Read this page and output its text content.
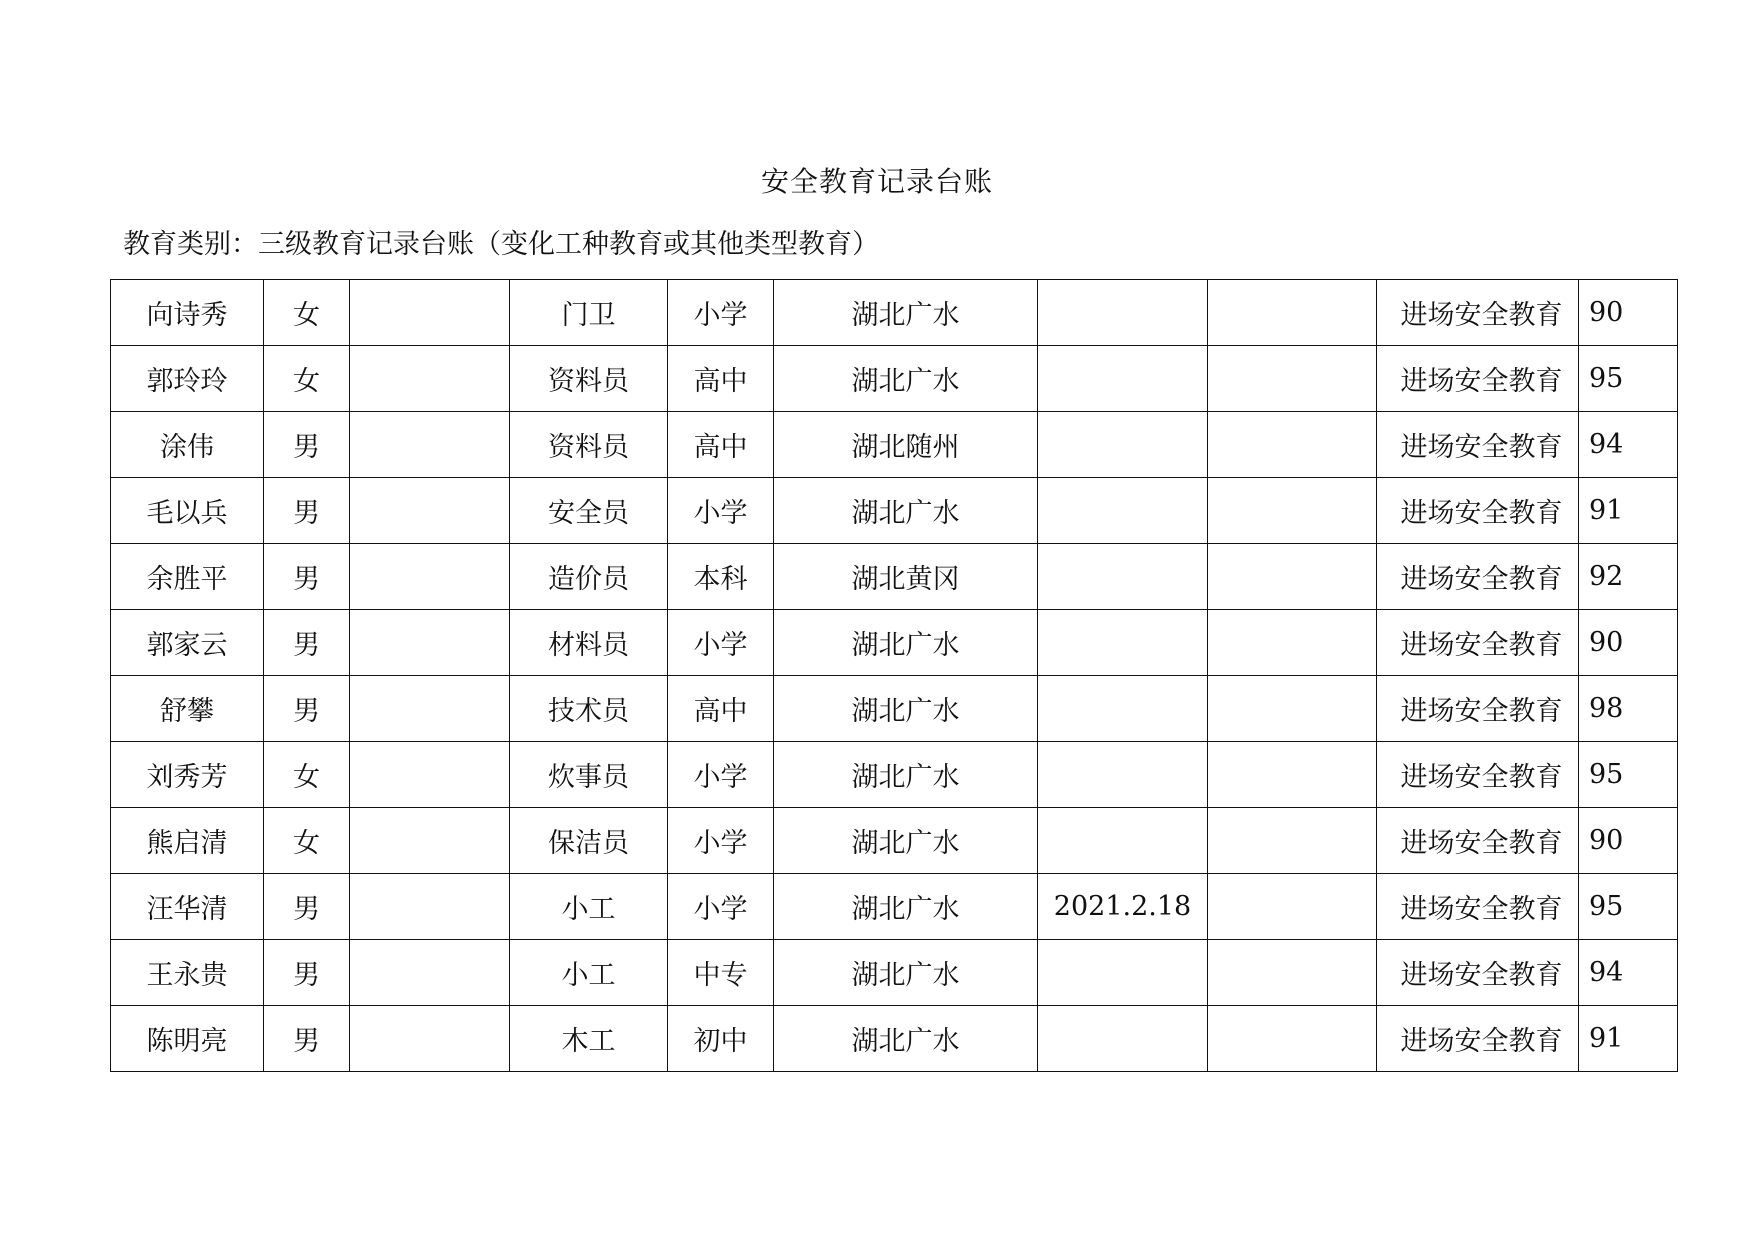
安全教育记录台账
教育类别：三级教育记录台账（变化工种教育或其他类型教育）
向诗秀	女		门卫	小学	湖北广水			进场安全教育	90
郭玲玲	女		资料员	高中	湖北广水			进场安全教育	95
涂伟	男		资料员	高中	湖北随州			进场安全教育	94
毛以兵	男		安全员	小学	湖北广水			进场安全教育	91
余胜平	男		造价员	本科	湖北黄冈			进场安全教育	92
郭家云	男		材料员	小学	湖北广水			进场安全教育	90
舒攀	男		技术员	高中	湖北广水			进场安全教育	98
刘秀芳	女		炊事员	小学	湖北广水			进场安全教育	95
熊启清	女		保洁员	小学	湖北广水			进场安全教育	90
汪华清	男		小工	小学	湖北广水	2021.2.18		进场安全教育	95
王永贵	男		小工	中专	湖北广水			进场安全教育	94
陈明亮	男		木工	初中	湖北广水			进场安全教育	91
